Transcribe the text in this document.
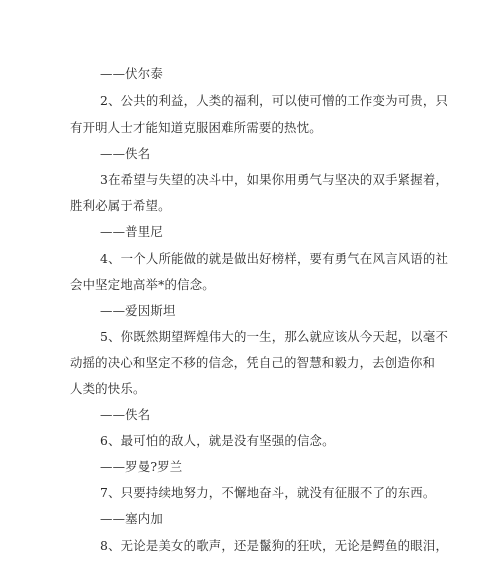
——伏尔泰
2、公共的利益，人类的福利，可以使可憎的工作变为可贵，只
有开明人士才能知道克服困难所需要的热忱。
——佚名
3在希望与失望的决斗中，如果你用勇气与坚决的双手紧握着，
胜利必属于希望。
——普里尼
4、一个人所能做的就是做出好榜样，要有勇气在风言风语的社
会中坚定地高举*的信念。
——爱因斯坦
5、你既然期望辉煌伟大的一生，那么就应该从今天起，以毫不
动摇的决心和坚定不移的信念，凭自己的智慧和毅力，去创造你和
人类的快乐。
——佚名
6、最可怕的敌人，就是没有坚强的信念。
——罗曼?罗兰
7、只要持续地努力，不懈地奋斗，就没有征服不了的东西。
——塞内加
8、无论是美女的歌声，还是鬣狗的狂吠，无论是鳄鱼的眼泪，
